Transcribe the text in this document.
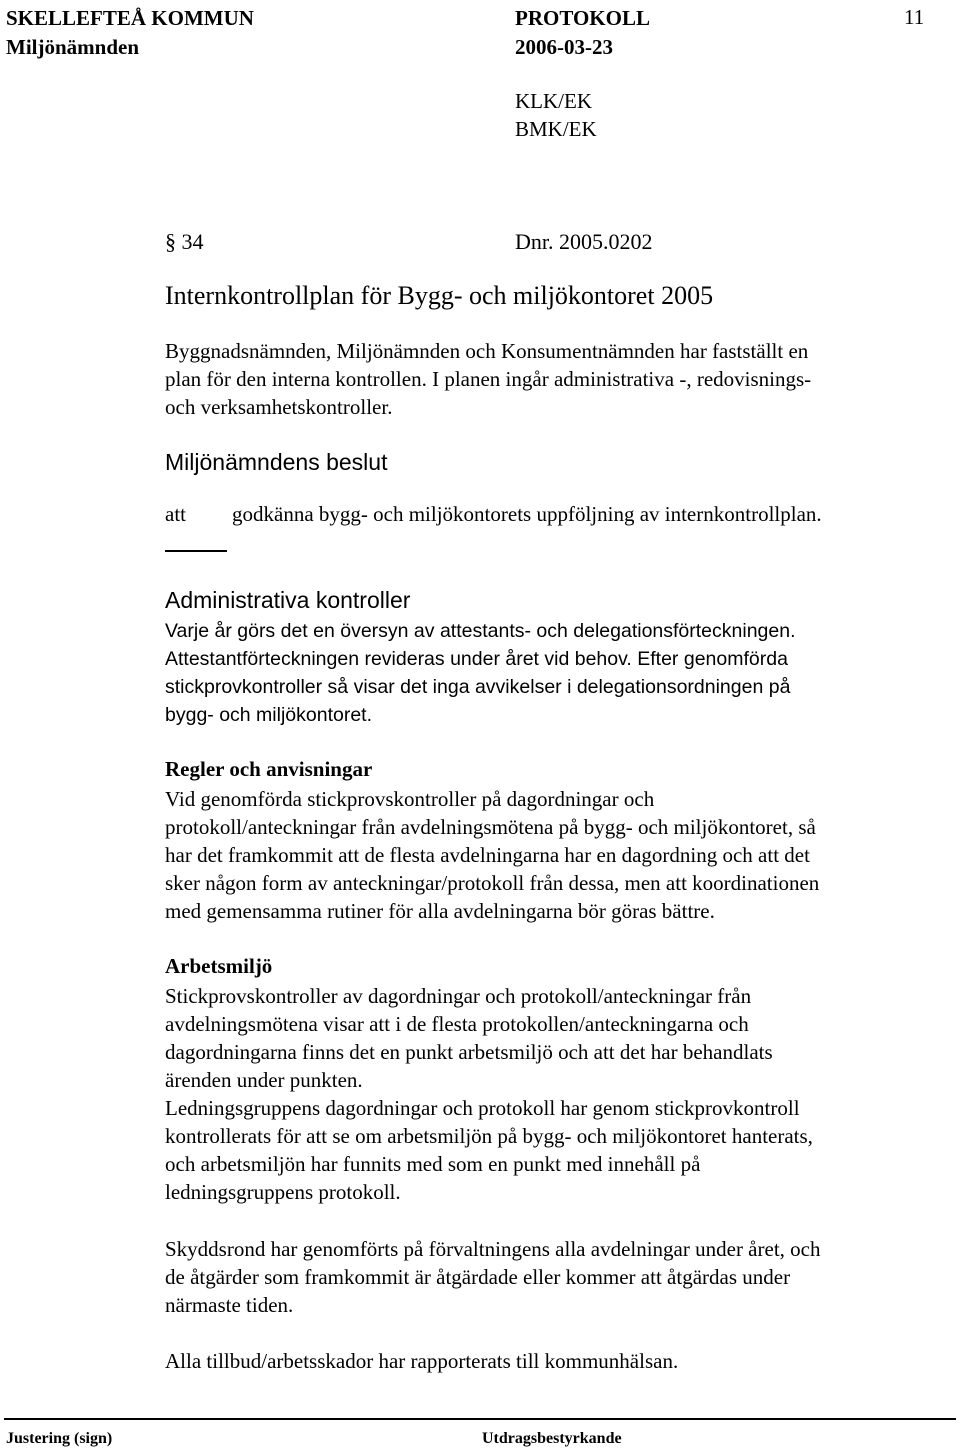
SKELLEFTEÅ KOMMUN	PROTOKOLL	11
Miljönämnden	2006-03-23
KLK/EK
BMK/EK
§ 34	Dnr. 2005.0202
Internkontrollplan för Bygg- och miljökontoret 2005
Byggnadsnämnden, Miljönämnden och Konsumentnämnden har fastställt en
plan för den interna kontrollen. I planen ingår administrativa -, redovisnings-
och verksamhetskontroller.
Miljönämndens beslut
att godkänna bygg- och miljökontorets uppföljning av internkontrollplan.
Administrativa kontroller
Varje år görs det en översyn av attestants- och delegationsförteckningen.
Attestantförteckningen revideras under året vid behov. Efter genomförda
stickprovkontroller så visar det inga avvikelser i delegationsordningen på
bygg- och miljökontoret.
Regler och anvisningar
Vid genomförda stickprovskontroller på dagordningar och
protokoll/anteckningar från avdelningsmötena på bygg- och miljökontoret, så
har det framkommit att de flesta avdelningarna har en dagordning och att det
sker någon form av anteckningar/protokoll från dessa, men att koordinationen
med gemensamma rutiner för alla avdelningarna bör göras bättre.
Arbetsmiljö
Stickprovskontroller av dagordningar och protokoll/anteckningar från
avdelningsmötena visar att i de flesta protokollen/anteckningarna och
dagordningarna finns det en punkt arbetsmiljö och att det har behandlats
ärenden under punkten.
Ledningsgruppens dagordningar och protokoll har genom stickprovkontroll
kontrollerats för att se om arbetsmiljön på bygg- och miljökontoret hanterats,
och arbetsmiljön har funnits med som en punkt med innehåll på
ledningsgruppens protokoll.
Skyddsrond har genomförts på förvaltningens alla avdelningar under året, och
de åtgärder som framkommit är åtgärdade eller kommer att åtgärdas under
närmaste tiden.
Alla tillbud/arbetsskador har rapporterats till kommunhälsan.
Justering (sign)	Utdragsbestyrkande
